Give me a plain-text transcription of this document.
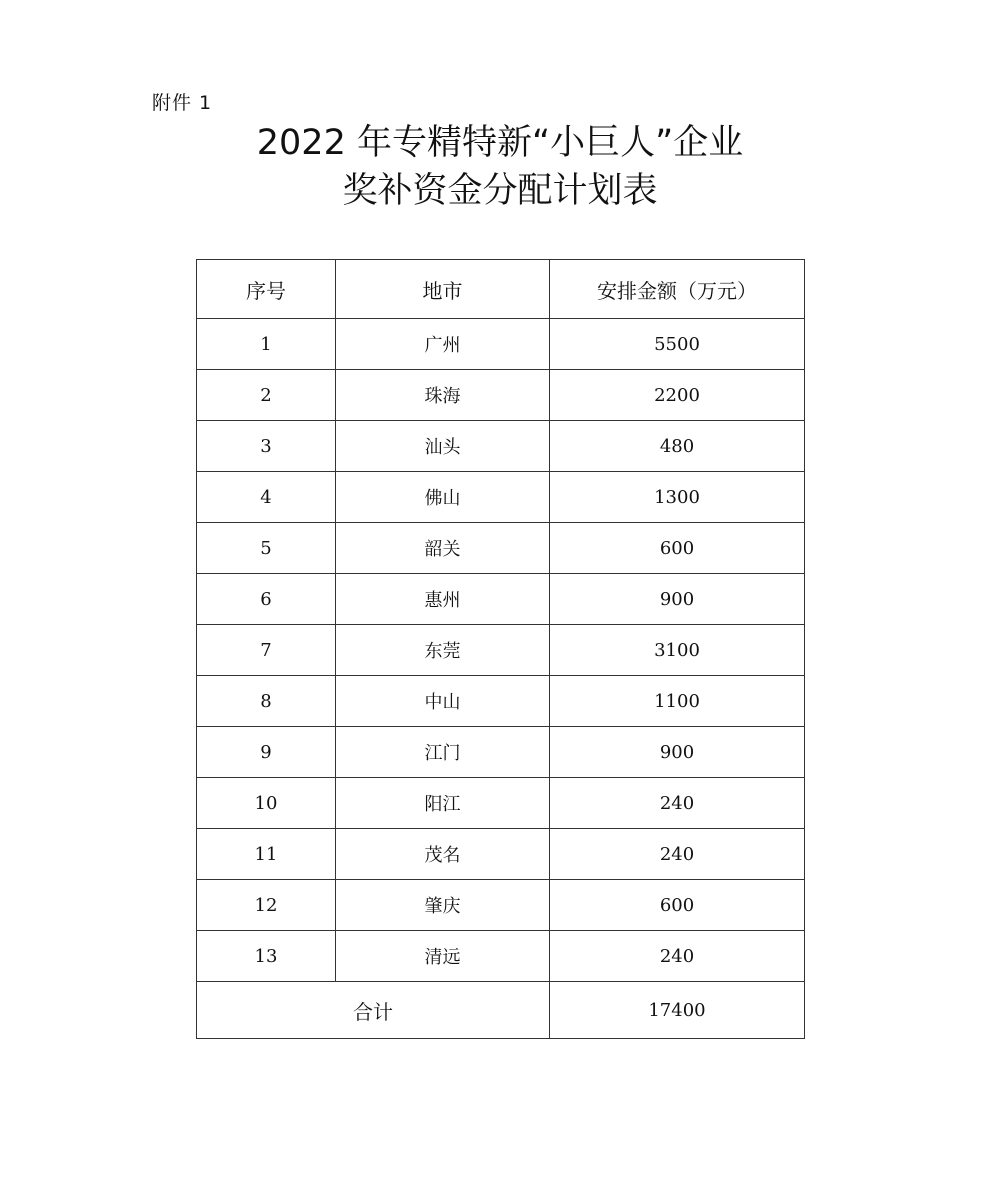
附件 1
2022 年专精特新“小巨人”企业
奖补资金分配计划表
序号	地市	安排金额（万元）
1	广州	5500
2	珠海	2200
3	汕头	480
4	佛山	1300
5	韶关	600
6	惠州	900
7	东莞	3100
8	中山	1100
9	江门	900
10	阳江	240
11	茂名	240
12	肇庆	600
13	清远	240
合计		17400
